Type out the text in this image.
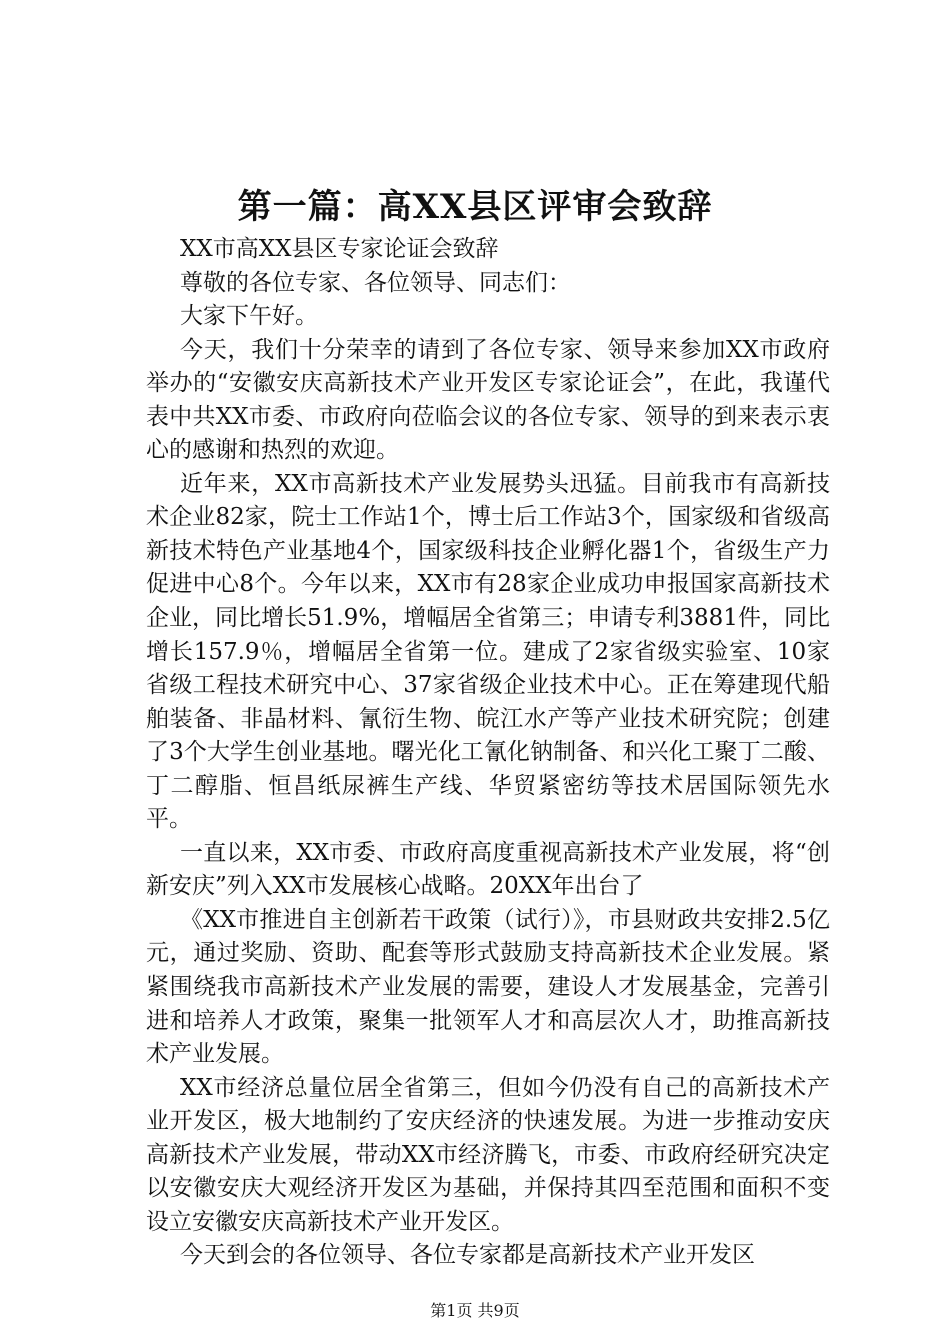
第一篇：高XX县区评审会致辞

XX市高XX县区专家论证会致辞

尊敬的各位专家、各位领导、同志们：

大家下午好。

今天，我们十分荣幸的请到了各位专家、领导来参加XX市政府举办的“安徽安庆高新技术产业开发区专家论证会”，在此，我谨代表中共XX市委、市政府向莅临会议的各位专家、领导的到来表示衷心的感谢和热烈的欢迎。

近年来，XX市高新技术产业发展势头迅猛。目前我市有高新技术企业82家，院士工作站1个，博士后工作站3个，国家级和省级高新技术特色产业基地4个，国家级科技企业孵化器1个，省级生产力促进中心8个。今年以来，XX市有28家企业成功申报国家高新技术企业，同比增长51.9%，增幅居全省第三；申请专利3881件，同比增长157.9％，增幅居全省第一位。建成了2家省级实验室、10家省级工程技术研究中心、37家省级企业技术中心。正在筹建现代船舶装备、非晶材料、氰衍生物、皖江水产等产业技术研究院；创建了3个大学生创业基地。曙光化工氰化钠制备、和兴化工聚丁二酸、丁二醇脂、恒昌纸尿裤生产线、华贸紧密纺等技术居国际领先水平。

一直以来，XX市委、市政府高度重视高新技术产业发展，将“创新安庆”列入XX市发展核心战略。20XX年出台了

《XX市推进自主创新若干政策（试行）》，市县财政共安排2.5亿元，通过奖励、资助、配套等形式鼓励支持高新技术企业发展。紧紧围绕我市高新技术产业发展的需要，建设人才发展基金，完善引进和培养人才政策，聚集一批领军人才和高层次人才，助推高新技术产业发展。

XX市经济总量位居全省第三，但如今仍没有自己的高新技术产业开发区，极大地制约了安庆经济的快速发展。为进一步推动安庆高新技术产业发展，带动XX市经济腾飞，市委、市政府经研究决定以安徽安庆大观经济开发区为基础，并保持其四至范围和面积不变设立安徽安庆高新技术产业开发区。

今天到会的各位领导、各位专家都是高新技术产业开发区

第1页 共9页
